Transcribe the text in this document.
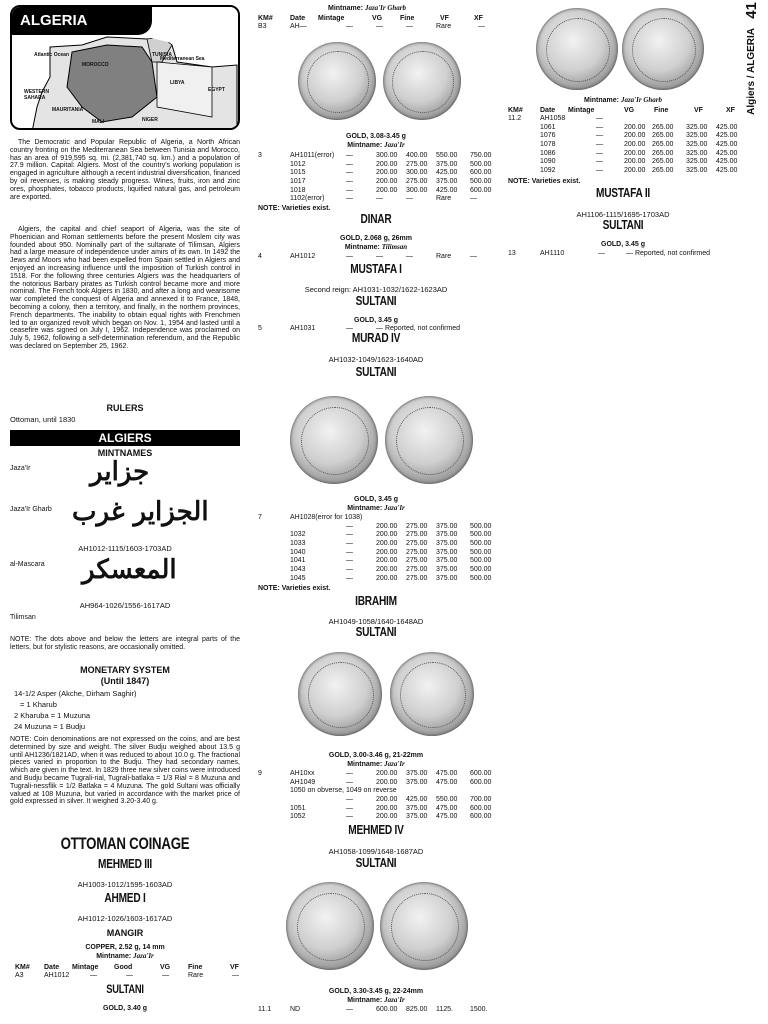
41
Algiers / ALGERIA
ALGERIA
Atlantic Ocean
Mediterranean Sea
MOROCCO
TUNISIA
LIBYA
EGYPT
WESTERN SAHARA
MAURITANIA
MALI	NIGER

The Democratic and Popular Republic of Algeria, a North African country fronting on the Mediterranean Sea between Tunisia and Morocco, has an area of 919,595 sq. mi. (2,381,740 sq. km.) and a population of 27.9 million. Capital: Algiers. Most of the country's working population is engaged in agriculture although a recent industrial diversification, financed by oil revenues, is making steady progress. Wines, fruits, iron and zinc ores, phosphates, tobacco products, liquified natural gas, and petroleum are exported.

Algiers, the capital and chief seaport of Algeria, was the site of Phoenician and Roman settlements before the present Moslem city was founded about 950. Nominally part of the sultanate of Tilimsan, Algiers had a large measure of independence under amirs of its own. In 1492 the Jews and Moors who had been expelled from Spain settled in Algiers and enjoyed an increasing influence until the imposition of Turkish control in 1518. For the following three centuries Algiers was the headquarters of the notorious Barbary pirates as Turkish control became more and more nominal. The French took Algiers in 1830, and after a long and wearisome war completed the conquest of Algeria and annexed it to France, 1848, becoming a colony, then a territory, and finally, in the northern provinces, French departments. The inability to obtain equal rights with Frenchmen led to an organized revolt which began on Nov. 1, 1954 and lasted until a ceasefire was signed on July I, 1962. Independence was proclaimed on July 5, 1962, following a self-determination referendum, and the Republic was declared on September 25, 1962.

RULERS
Ottoman, until 1830
ALGIERS
MINTNAMES
Jaza'Ir جزاير
Jaza'Ir Gharb الجزاير غرب
AH1012-1115/1603-1703AD
al-Mascara المعسكر
AH964-1026/1556-1617AD
Tilimsan

NOTE: The dots above and below the letters are integral parts of the letters, but for stylistic reasons, are occasionally omitted.

MONETARY SYSTEM
(Until 1847)
14-1/2 Asper (Akche, Dirham Saghir)
= 1 Kharub
2 Kharuba = 1 Muzuna
24 Muzuna = 1 Budju

NOTE: Coin denominations are not expressed on the coins, and are best determined by size and weight. The silver Budju weighed about 13.5 g until AH1236/1821AD, when it was reduced to about 10.0 g. The fractional pieces varied in proportion to the Budju. They had secondary names, which are given in the text. In 1829 three new silver coins were introduced and Budju became Tugrali-rial, Tugrali-batlaka = 1/3 Rial = 8 Muzuna and Tugrali-nessflik = 1/2 Batlaka = 4 Muzuna. The gold Sultani was officially valued at 108 Muzuna, but varied in accordance with the market price of gold expressed in silver. It weighed 3.20-3.40 g.

OTTOMAN COINAGE
MEHMED III
AH1003-1012/1595-1603AD
AHMED I
AH1012-1026/1603-1617AD
MANGIR
COPPER, 2.52 g, 14 mm
Mintname: Jaza'Ir
KM# Date Mintage Good	VG	Fine	VF
A3	AH1012	—	—	—	Rare	—
SULTANI
GOLD, 3.40 g
Mintname: Jaza'Ir Gharb
KM# Date Mintage	VG	Fine	VF	XF
B3	AH—	—	—	—	Rare	—
GOLD, 3.08-3.45 g
Mintname: Jaza'Ir
3	AH1011(error) —	300.00 400.00 550.00 750.00
1012	—	200.00 275.00 375.00 500.00
1015	—	200.00 300.00 425.00 600.00
1017	—	200.00 275.00 375.00 500.00
1018	—	200.00 300.00 425.00 600.00
1102(error)	—	—	—	Rare	—
NOTE: Varieties exist.
DINAR
GOLD, 2.068 g, 26mm
Mintname: Tilimsan
4	AH1012	—	—	—	Rare	—
MUSTAFA I
Second reign: AH1031-1032/1622-1623AD
SULTANI
GOLD, 3.45 g
5	AH1031	—	— Reported, not confirmed
MURAD IV
AH1032-1049/1623-1640AD
SULTANI
GOLD, 3.45 g
Mintname: Jaza'Ir
7	AH1028(error for 1038)
—	200.00 275.00 375.00 500.00
1032	—	200.00 275.00 375.00 500.00
1033	—	200.00 275.00 375.00 500.00
1040	—	200.00 275.00 375.00 500.00
1041	—	200.00 275.00 375.00 500.00
1043	—	200.00 275.00 375.00 500.00
1045	—	200.00 275.00 375.00 500.00
NOTE: Varieties exist.
IBRAHIM
AH1049-1058/1640-1648AD
SULTANI
GOLD, 3.00-3.46 g, 21-22mm
Mintname: Jaza'Ir
9	AH10xx	—	200.00 375.00 475.00 600.00
AH1049	—	200.00 375.00 475.00 600.00
1050 on obverse, 1049 on reverse
—	200.00 425.00 550.00 700.00
1051	—	200.00 375.00 475.00 600.00
1052	—	200.00 375.00 475.00 600.00
MEHMED IV
AH1058-1099/1648-1687AD
SULTANI
GOLD, 3.30-3.45 g, 22-24mm
Mintname: Jaza'Ir
11.1	ND	—	600.00 825.00 1125. 1500.
Mintname: Jaza'Ir Gharb
KM# Date Mintage	VG	Fine	VF	XF
11.2	AH1058	—
1061	—	200.00 265.00 325.00 425.00
1076	—	200.00 265.00 325.00 425.00
1078	—	200.00 265.00 325.00 425.00
1086	—	200.00 265.00 325.00 425.00
1090	—	200.00 265.00 325.00 425.00
1092	—	200.00 265.00 325.00 425.00
NOTE: Varieties exist.
MUSTAFA II
AH1106-1115/1695-1703AD
SULTANI
GOLD, 3.45 g
13	AH1110	—	— Reported, not confirmed
